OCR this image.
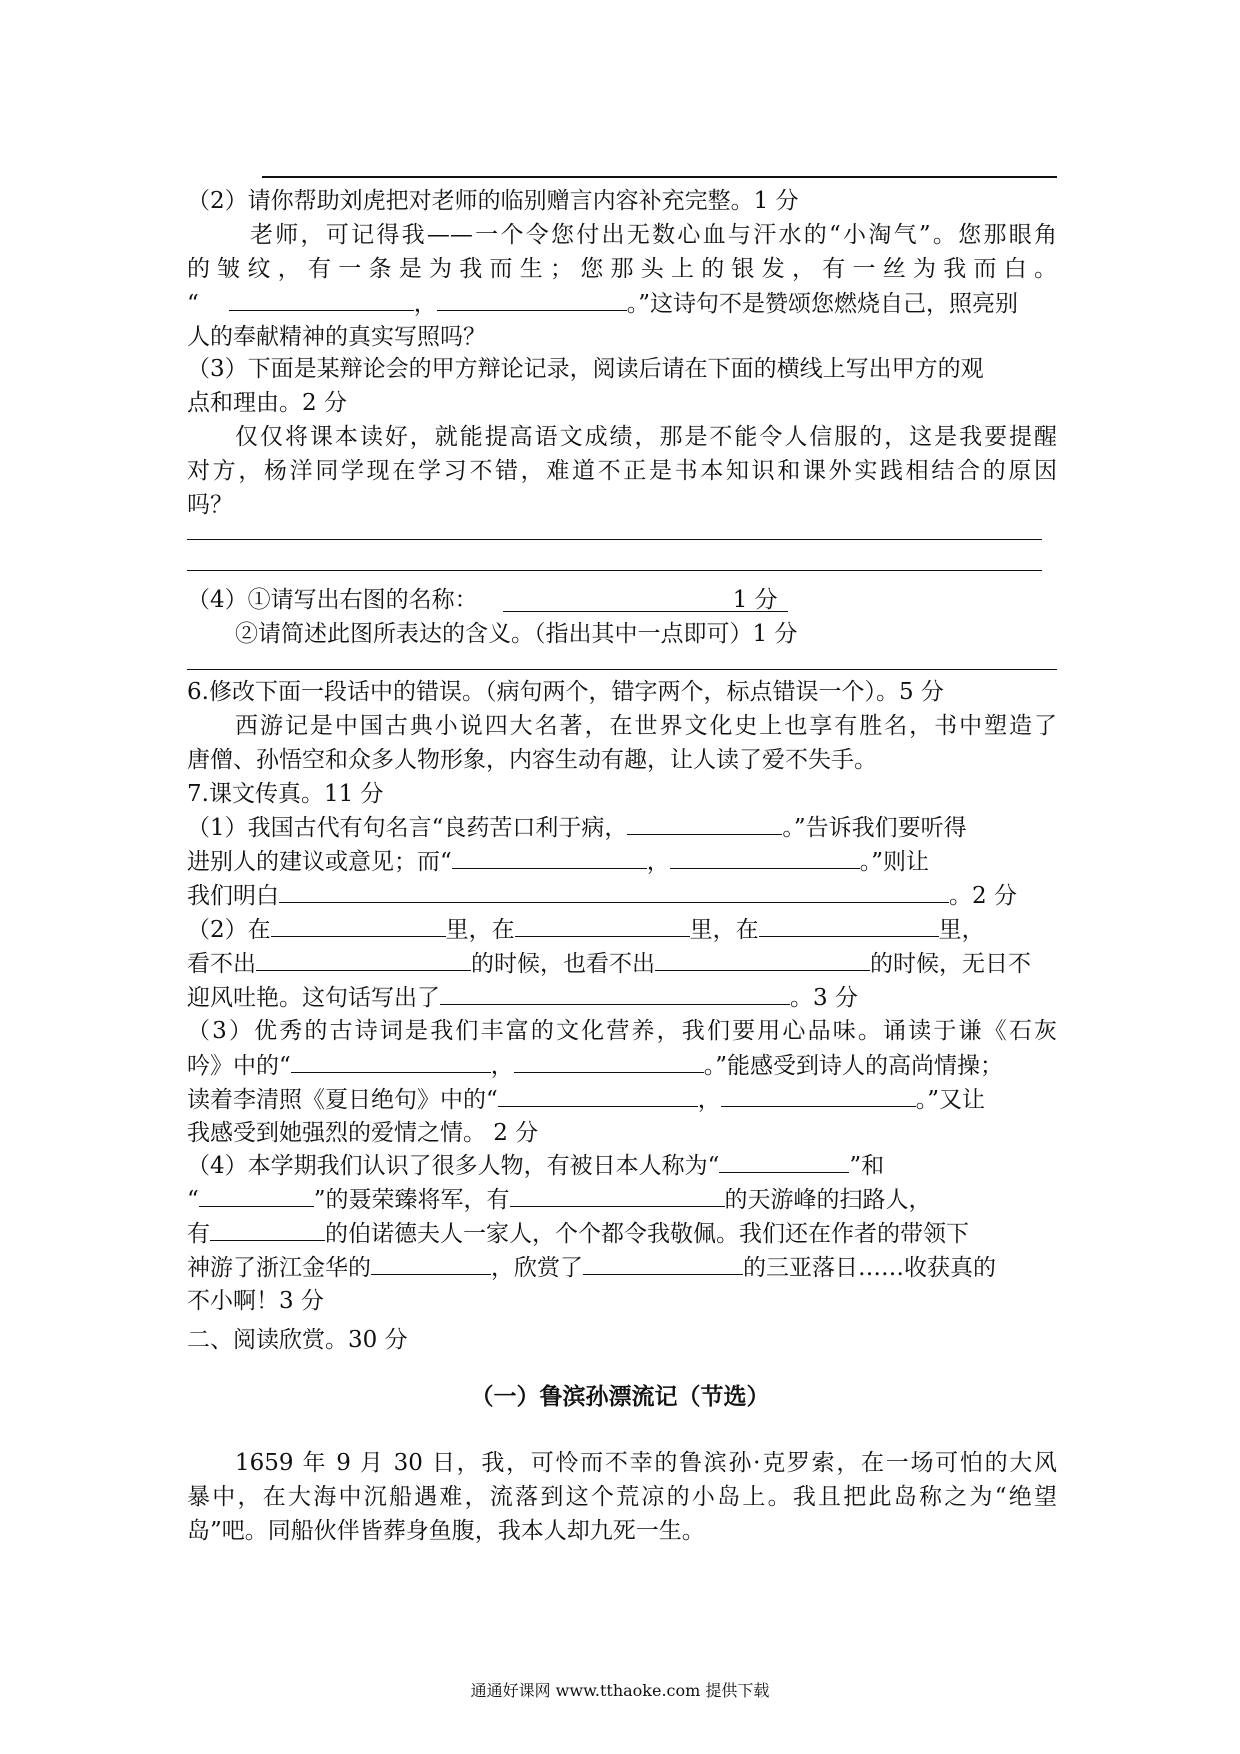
（2）请你帮助刘虎把对老师的临别赠言内容补充完整。1 分
老师，可记得我——一个令您付出无数心血与汗水的“小淘气”。您那眼角
的皱纹，有一条是为我而生；您那头上的银发，有一丝为我而白。
“	，	。”这诗句不是赞颂您燃烧自己，照亮别
人的奉献精神的真实写照吗？
（3）下面是某辩论会的甲方辩论记录，阅读后请在下面的横线上写出甲方的观
点和理由。2 分
仅仅将课本读好，就能提高语文成绩，那是不能令人信服的，这是我要提醒
对方，杨洋同学现在学习不错，难道不正是书本知识和课外实践相结合的原因
吗？
（4）①请写出右图的名称：	1 分
②请简述此图所表达的含义。（指出其中一点即可）1 分
6.修改下面一段话中的错误。（病句两个，错字两个，标点错误一个）。5 分
西游记是中国古典小说四大名著，在世界文化史上也享有胜名，书中塑造了
唐僧、孙悟空和众多人物形象，内容生动有趣，让人读了爱不失手。
7.课文传真。11 分
（1）我国古代有句名言“良药苦口利于病，	。”告诉我们要听得
进别人的建议或意见；而“	，	。”则让
我们明白	。2 分
（2）在	里，在	里，在	里，
看不出	的时候，也看不出	的时候，无日不
迎风吐艳。这句话写出了	。3 分
（3）优秀的古诗词是我们丰富的文化营养，我们要用心品味。诵读于谦《石灰
吟》中的“	，	。”能感受到诗人的高尚情操；
读着李清照《夏日绝句》中的“	，	。”又让
我感受到她强烈的爱情之情。 2 分
（4）本学期我们认识了很多人物，有被日本人称为“	”和
“	”的聂荣臻将军，有	的天游峰的扫路人，
有	的伯诺德夫人一家人，个个都令我敬佩。我们还在作者的带领下
神游了浙江金华的	，欣赏了	的三亚落日……收获真的
不小啊！3 分
二、阅读欣赏。30 分
（一）鲁滨孙漂流记（节选）
1659 年 9 月 30 日，我，可怜而不幸的鲁滨孙·克罗索，在一场可怕的大风
暴中，在大海中沉船遇难，流落到这个荒凉的小岛上。我且把此岛称之为“绝望
岛”吧。同船伙伴皆葬身鱼腹，我本人却九死一生。
通通好课网 www.tthaoke.com 提供下载
